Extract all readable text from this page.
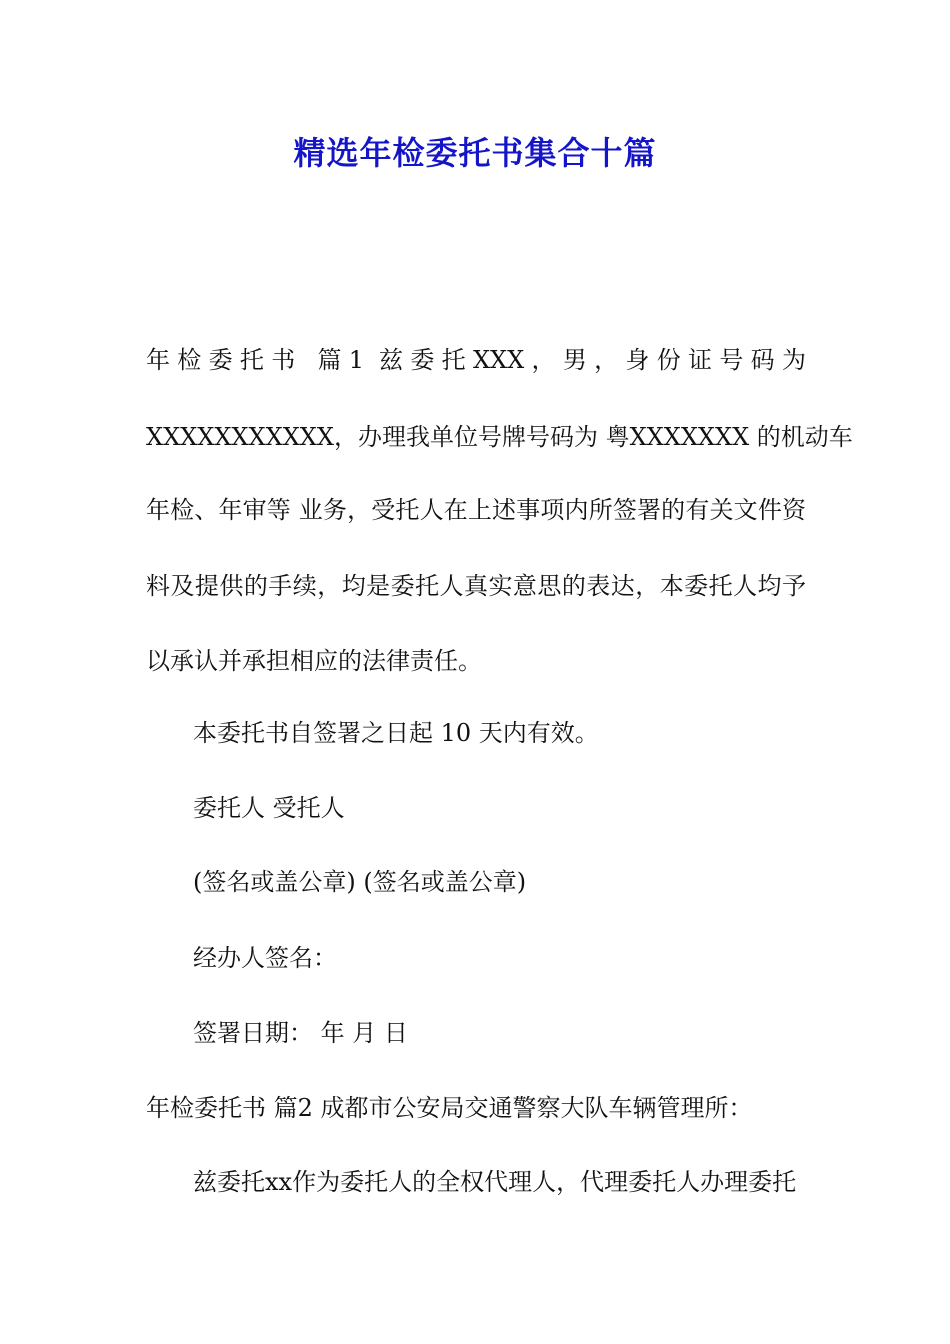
精选年检委托书集合十篇
年检委托书 篇1 兹委托XXX，男，身份证号码为
XXXXXXXXXXX，办理我单位号牌号码为 粤XXXXXXX 的机动车
年检、年审等 业务，受托人在上述事项内所签署的有关文件资
料及提供的手续，均是委托人真实意思的表达，本委托人均予
以承认并承担相应的法律责任。
本委托书自签署之日起 10 天内有效。
委托人 受托人
(签名或盖公章) (签名或盖公章)
经办人签名：
签署日期： 年 月 日
年检委托书 篇2 成都市公安局交通警察大队车辆管理所：
兹委托xx作为委托人的全权代理人，代理委托人办理委托
